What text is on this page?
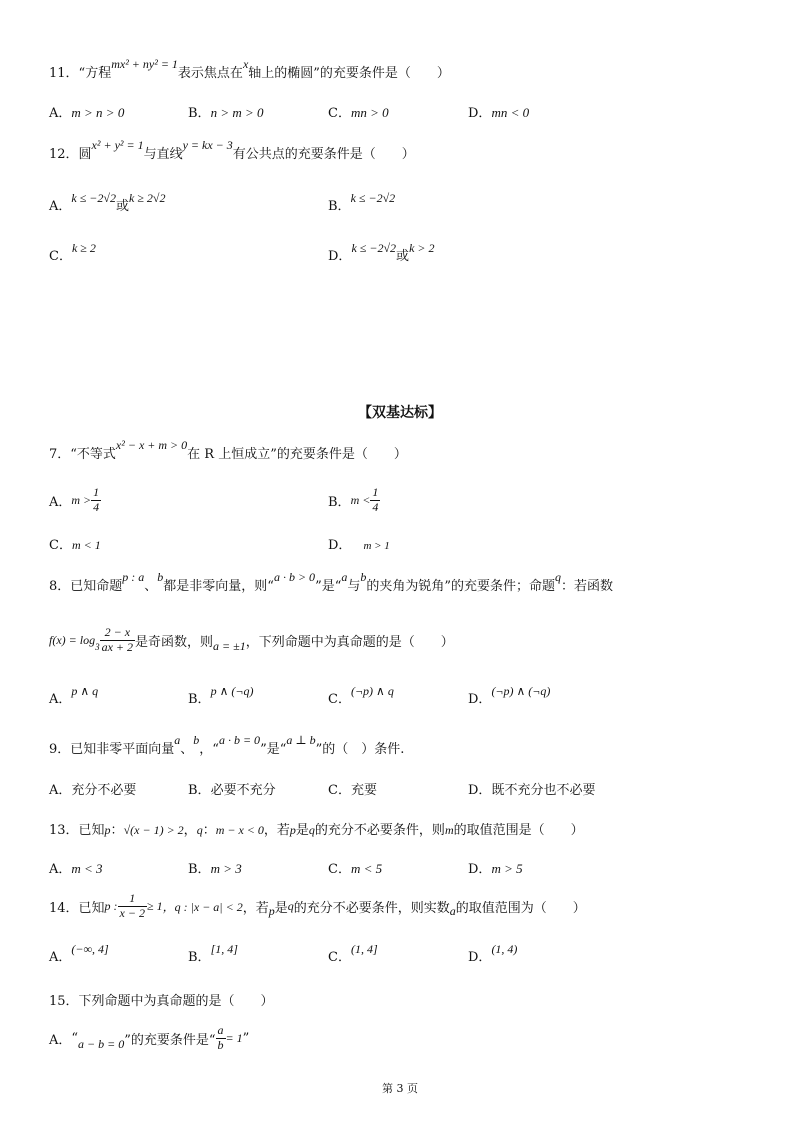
11．“方程mx² + ny² = 1表示焦点在x轴上的椭圆”的充要条件是（　　）
A．m > n > 0	B．n > m > 0	C．mn > 0	D．mn < 0
12．圆x² + y² = 1与直线y = kx − 3有公共点的充要条件是（　　）
A．k ≤ −2√2或k ≥ 2√2
B．k ≤ −2√2
C．k ≥ 2
D．k ≤ −2√2或k > 2
【双基达标】
7．“不等式x² − x + m > 0在 R 上恒成立”的充要条件是（　　）
A．$m > \frac{1}{4}$	B．$m < \frac{1}{4}$
C．m < 1	D． m > 1
8．已知命题p : a、b都是非零向量，则“a · b > 0”是“a与b的夹角为锐角”的充要条件；命题q：若函数
$f(x) = \log_3 \frac{2 - x}{ax + 2}$ 是奇函数，则a = ±1，下列命题中为真命题的是（　　）
A．p ∧ q
B．p ∧ (¬q)
C．(¬p) ∧ q
D．(¬p) ∧ (¬q)
9．已知非零平面向量a、b，“a · b = 0”是“a ⊥ b”的（　）条件.
A．充分不必要	B．必要不充分	C．充要	D．既不充分也不必要
13．已知p：√(x − 1) > 2，q：m − x < 0，若p是q的充分不必要条件，则m的取值范围是（　　）
A．m < 3	B．m > 3	C．m < 5	D．m > 5
14．已知p : $\frac{1}{x - 2} \ge 1$，q : |x − a| < 2，若p是q的充分不必要条件，则实数a的取值范围为（　　）
A．(−∞, 4]
B．[1, 4]
C．(1, 4]
D．(1, 4)
15．下列命题中为真命题的是（　　）
A．“a − b = 0”的充要条件是“ $\frac{a}{b} = 1$”
第 3 页
